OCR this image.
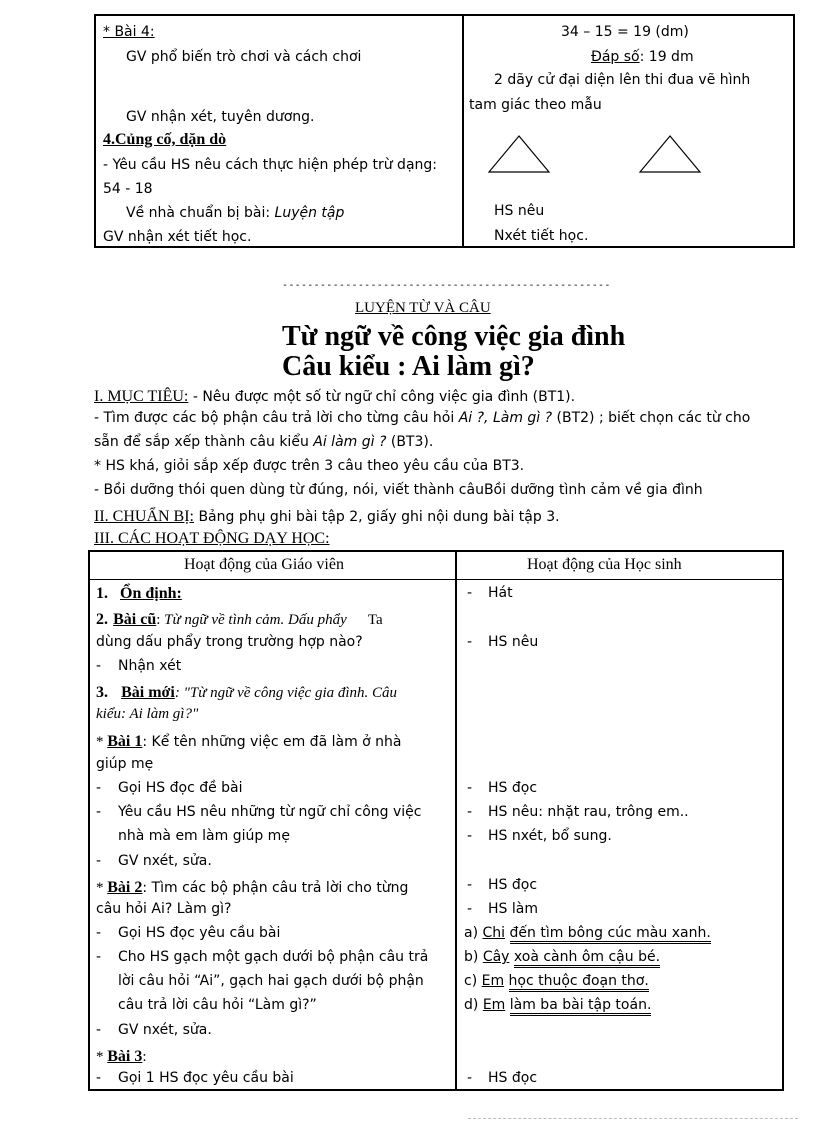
* Bài 4:
GV phổ biến trò chơi và cách chơi
GV nhận xét, tuyên dương.
4.Củng cố, dặn dò
- Yêu cầu HS nêu cách thực hiện phép trừ dạng:
54 - 18
Về nhà chuẩn bị bài: Luyện tập
GV nhận xét tiết học.
34 – 15 = 19 (dm)
Đáp số: 19 dm
2 dãy cử đại diện lên thi đua vẽ hình
tam giác theo mẫu
HS nêu
Nxét tiết học.
----------------------------------------------------
LUYỆN TỪ VÀ CÂU
Từ ngữ về công việc gia đình
Câu kiểu : Ai làm gì?
I. MỤC TIÊU: - Nêu được một số từ ngữ chỉ công việc gia đình (BT1).
- Tìm được các bộ phận câu trả lời cho từng câu hỏi Ai ?, Làm gì ? (BT2) ; biết chọn các từ cho
sẵn để sắp xếp thành câu kiểu Ai làm gì ? (BT3).
* HS khá, giỏi sắp xếp được trên 3 câu theo yêu cầu của BT3.
- Bồi dưỡng thói quen dùng từ đúng, nói, viết thành câuBồi dưỡng tình cảm về gia đình
II. CHUẨN BỊ: Bảng phụ ghi bài tập 2, giấy ghi nội dung bài tập 3.
III. CÁC HOẠT ĐỘNG DẠY HỌC:
Hoạt động của Giáo viên	Hoạt động của Học sinh
1. Ổn định:
2. Bài cũ: Từ ngữ về tình cảm. Dấu phẩy Ta
dùng dấu phẩy trong trường hợp nào?
- Nhận xét
3. Bài mới: "Từ ngữ về công việc gia đình. Câu
kiểu: Ai làm gì?"
* Bài 1: Kể tên những việc em đã làm ở nhà
giúp mẹ
- Gọi HS đọc đề bài
- Yêu cầu HS nêu những từ ngữ chỉ công việc
nhà mà em làm giúp mẹ
- GV nxét, sửa.
* Bài 2: Tìm các bộ phận câu trả lời cho từng
câu hỏi Ai? Làm gì?
- Gọi HS đọc yêu cầu bài
- Cho HS gạch một gạch dưới bộ phận câu trả
lời câu hỏi “Ai”, gạch hai gạch dưới bộ phận
câu trả lời câu hỏi “Làm gì?”
- GV nxét, sửa.
* Bài 3:
- Gọi 1 HS đọc yêu cầu bài
- Hát
- HS nêu
- HS đọc
- HS nêu: nhặt rau, trông em..
- HS nxét, bổ sung.
- HS đọc
- HS làm
a) Chi đến tìm bông cúc màu xanh.
b) Cây xoà cành ôm cậu bé.
c) Em học thuộc đoạn thơ.
d) Em làm ba bài tập toán.
- HS đọc
